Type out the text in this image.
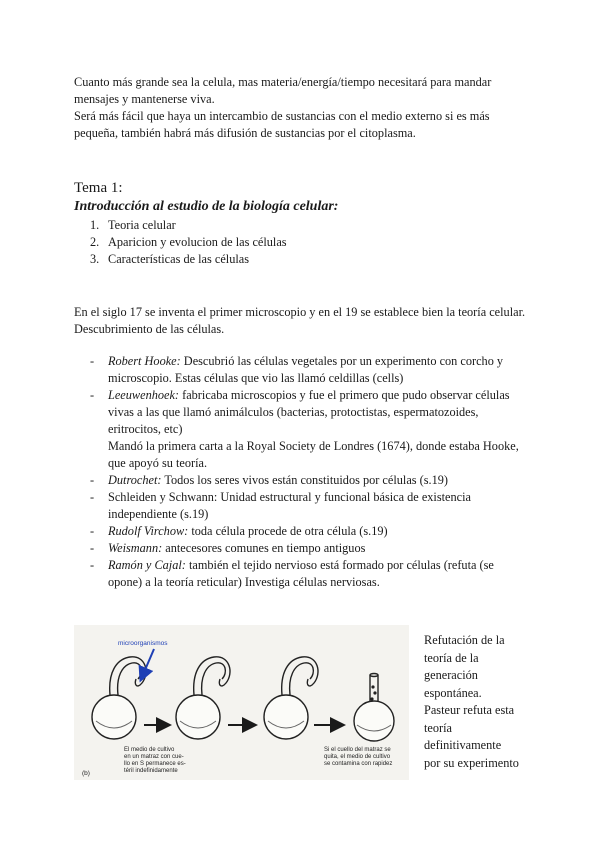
Cuanto más grande sea la celula, mas materia/energía/tiempo necesitará para mandar mensajes y mantenerse viva.

Será más fácil que haya un intercambio de sustancias con el medio externo si es más pequeña, también habrá más difusión de sustancias por el citoplasma.

Tema 1:
Introducción al estudio de la biología celular:
1. Teoria celular
2. Aparicion y evolucion de las células
3. Características de las células

En el siglo 17 se inventa el primer microscopio y en el 19 se establece bien la teoría celular.

Descubrimiento de las células.

- Robert Hooke: Descubrió las células vegetales por un experimento con corcho y microscopio. Estas células que vio las llamó celdillas (cells)
- Leeuwenhoek: fabricaba microscopios y fue el primero que pudo observar células vivas a las que llamó animálculos (bacterias, protoctistas, espermatozoides, eritrocitos, etc)
Mandó la primera carta a la Royal Society de Londres (1674), donde estaba Hooke, que apoyó su teoría.
- Dutrochet: Todos los seres vivos están constituidos por células (s.19)
- Schleiden y Schwann: Unidad estructural y funcional básica de existencia independiente (s.19)
- Rudolf Virchow: toda célula procede de otra célula (s.19)
- Weismann: antecesores comunes en tiempo antiguos
- Ramón y Cajal: también el tejido nervioso está formado por células (refuta (se opone) a la teoría reticular) Investiga células nerviosas.
microorganismos
El medio de cultivo
en un matraz con cue-
llo en S permanece es-
téril indefinidamente
Si el cuello del matraz se
quita, el medio de cultivo
se contamina con rapidez
(b)
Refutación de la
teoría de la
generación
espontánea.
Pasteur refuta esta
teoría
definitivamente
por su experimento
